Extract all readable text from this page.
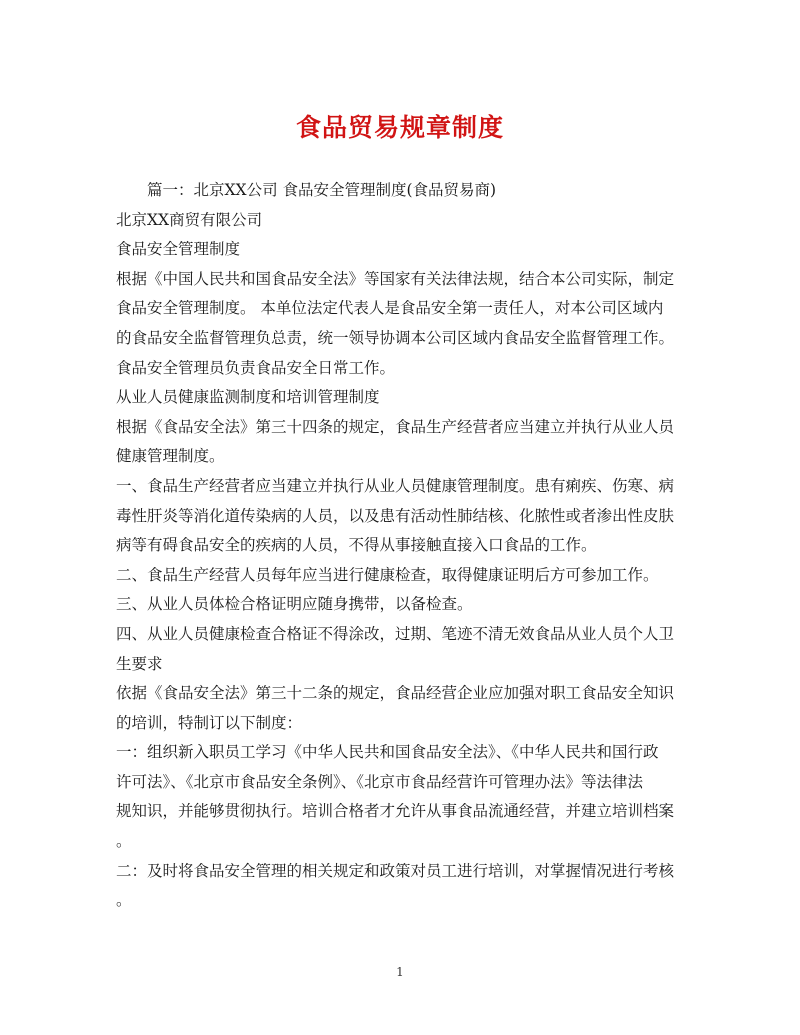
食品贸易规章制度
篇一：北京XX公司 食品安全管理制度(食品贸易商)
北京XX商贸有限公司
食品安全管理制度
根据《中国人民共和国食品安全法》等国家有关法律法规，结合本公司实际，制定
食品安全管理制度。 本单位法定代表人是食品安全第一责任人，对本公司区域内
的食品安全监督管理负总责，统一领导协调本公司区域内食品安全监督管理工作。
食品安全管理员负责食品安全日常工作。
从业人员健康监测制度和培训管理制度
根据《食品安全法》第三十四条的规定，食品生产经营者应当建立并执行从业人员
健康管理制度。
一、食品生产经营者应当建立并执行从业人员健康管理制度。患有痢疾、伤寒、病
毒性肝炎等消化道传染病的人员，以及患有活动性肺结核、化脓性或者渗出性皮肤
病等有碍食品安全的疾病的人员，不得从事接触直接入口食品的工作。
二、食品生产经营人员每年应当进行健康检查，取得健康证明后方可参加工作。
三、从业人员体检合格证明应随身携带，以备检查。
四、从业人员健康检查合格证不得涂改，过期、笔迹不清无效食品从业人员个人卫
生要求
依据《食品安全法》第三十二条的规定，食品经营企业应加强对职工食品安全知识
的培训，特制订以下制度：
一：组织新入职员工学习《中华人民共和国食品安全法》、《中华人民共和国行政
许可法》、《北京市食品安全条例》、《北京市食品经营许可管理办法》等法律法
规知识，并能够贯彻执行。培训合格者才允许从事食品流通经营，并建立培训档案
。
二：及时将食品安全管理的相关规定和政策对员工进行培训，对掌握情况进行考核
。
1
